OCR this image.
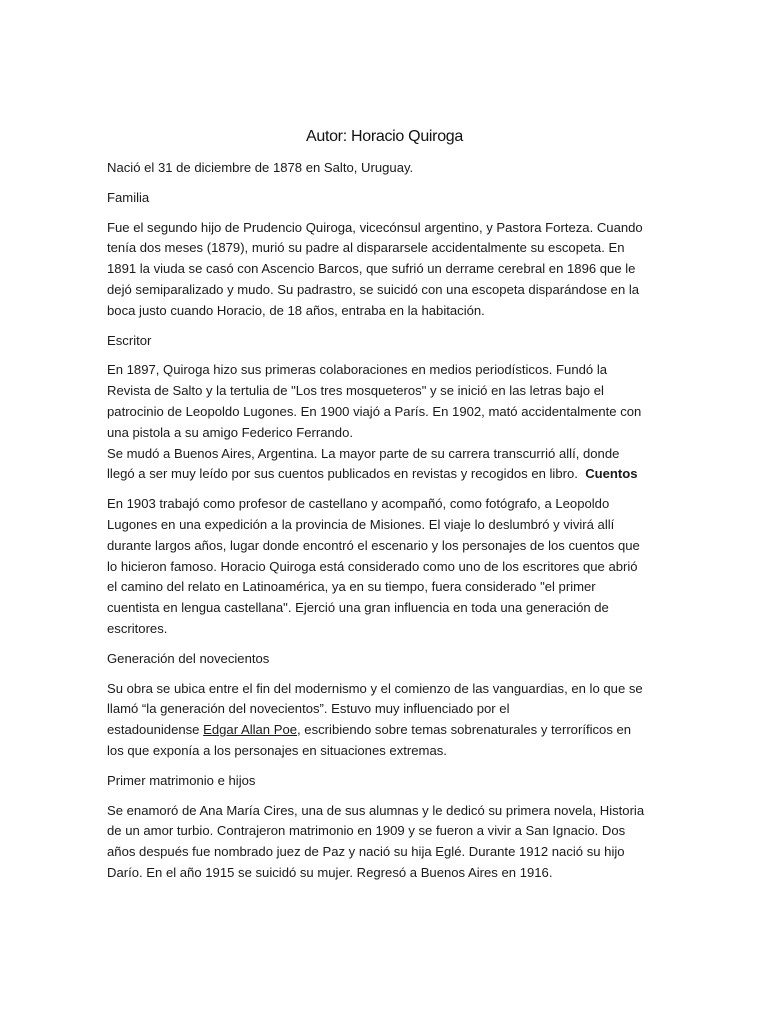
Autor: Horacio Quiroga
Nació el 31 de diciembre de 1878 en Salto, Uruguay.
Familia
Fue el segundo hijo de Prudencio Quiroga, vicecónsul argentino, y Pastora Forteza. Cuando
tenía dos meses (1879), murió su padre al dispararsele accidentalmente su escopeta. En
1891 la viuda se casó con Ascencio Barcos, que sufrió un derrame cerebral en 1896 que le
dejó semiparalizado y mudo. Su padrastro, se suicidó con una escopeta disparándose en la
boca justo cuando Horacio, de 18 años, entraba en la habitación.
Escritor
En 1897, Quiroga hizo sus primeras colaboraciones en medios periodísticos. Fundó la
Revista de Salto y la tertulia de "Los tres mosqueteros" y se inició en las letras bajo el
patrocinio de Leopoldo Lugones. En 1900 viajó a París. En 1902, mató accidentalmente con
una pistola a su amigo Federico Ferrando.
Se mudó a Buenos Aires, Argentina. La mayor parte de su carrera transcurrió allí, donde
llegó a ser muy leído por sus cuentos publicados en revistas y recogidos en libro. Cuentos
En 1903 trabajó como profesor de castellano y acompañó, como fotógrafo, a Leopoldo
Lugones en una expedición a la provincia de Misiones. El viaje lo deslumbró y vivirá allí
durante largos años, lugar donde encontró el escenario y los personajes de los cuentos que
lo hicieron famoso. Horacio Quiroga está considerado como uno de los escritores que abrió
el camino del relato en Latinoamérica, ya en su tiempo, fuera considerado "el primer
cuentista en lengua castellana". Ejerció una gran influencia en toda una generación de
escritores.
Generación del novecientos
Su obra se ubica entre el fin del modernismo y el comienzo de las vanguardias, en lo que se
llamó “la generación del novecientos”. Estuvo muy influenciado por el
estadounidense Edgar Allan Poe, escribiendo sobre temas sobrenaturales y terroríficos en
los que exponía a los personajes en situaciones extremas.
Primer matrimonio e hijos
Se enamoró de Ana María Cires, una de sus alumnas y le dedicó su primera novela, Historia
de un amor turbio. Contrajeron matrimonio en 1909 y se fueron a vivir a San Ignacio. Dos
años después fue nombrado juez de Paz y nació su hija Eglé. Durante 1912 nació su hijo
Darío. En el año 1915 se suicidó su mujer. Regresó a Buenos Aires en 1916.
